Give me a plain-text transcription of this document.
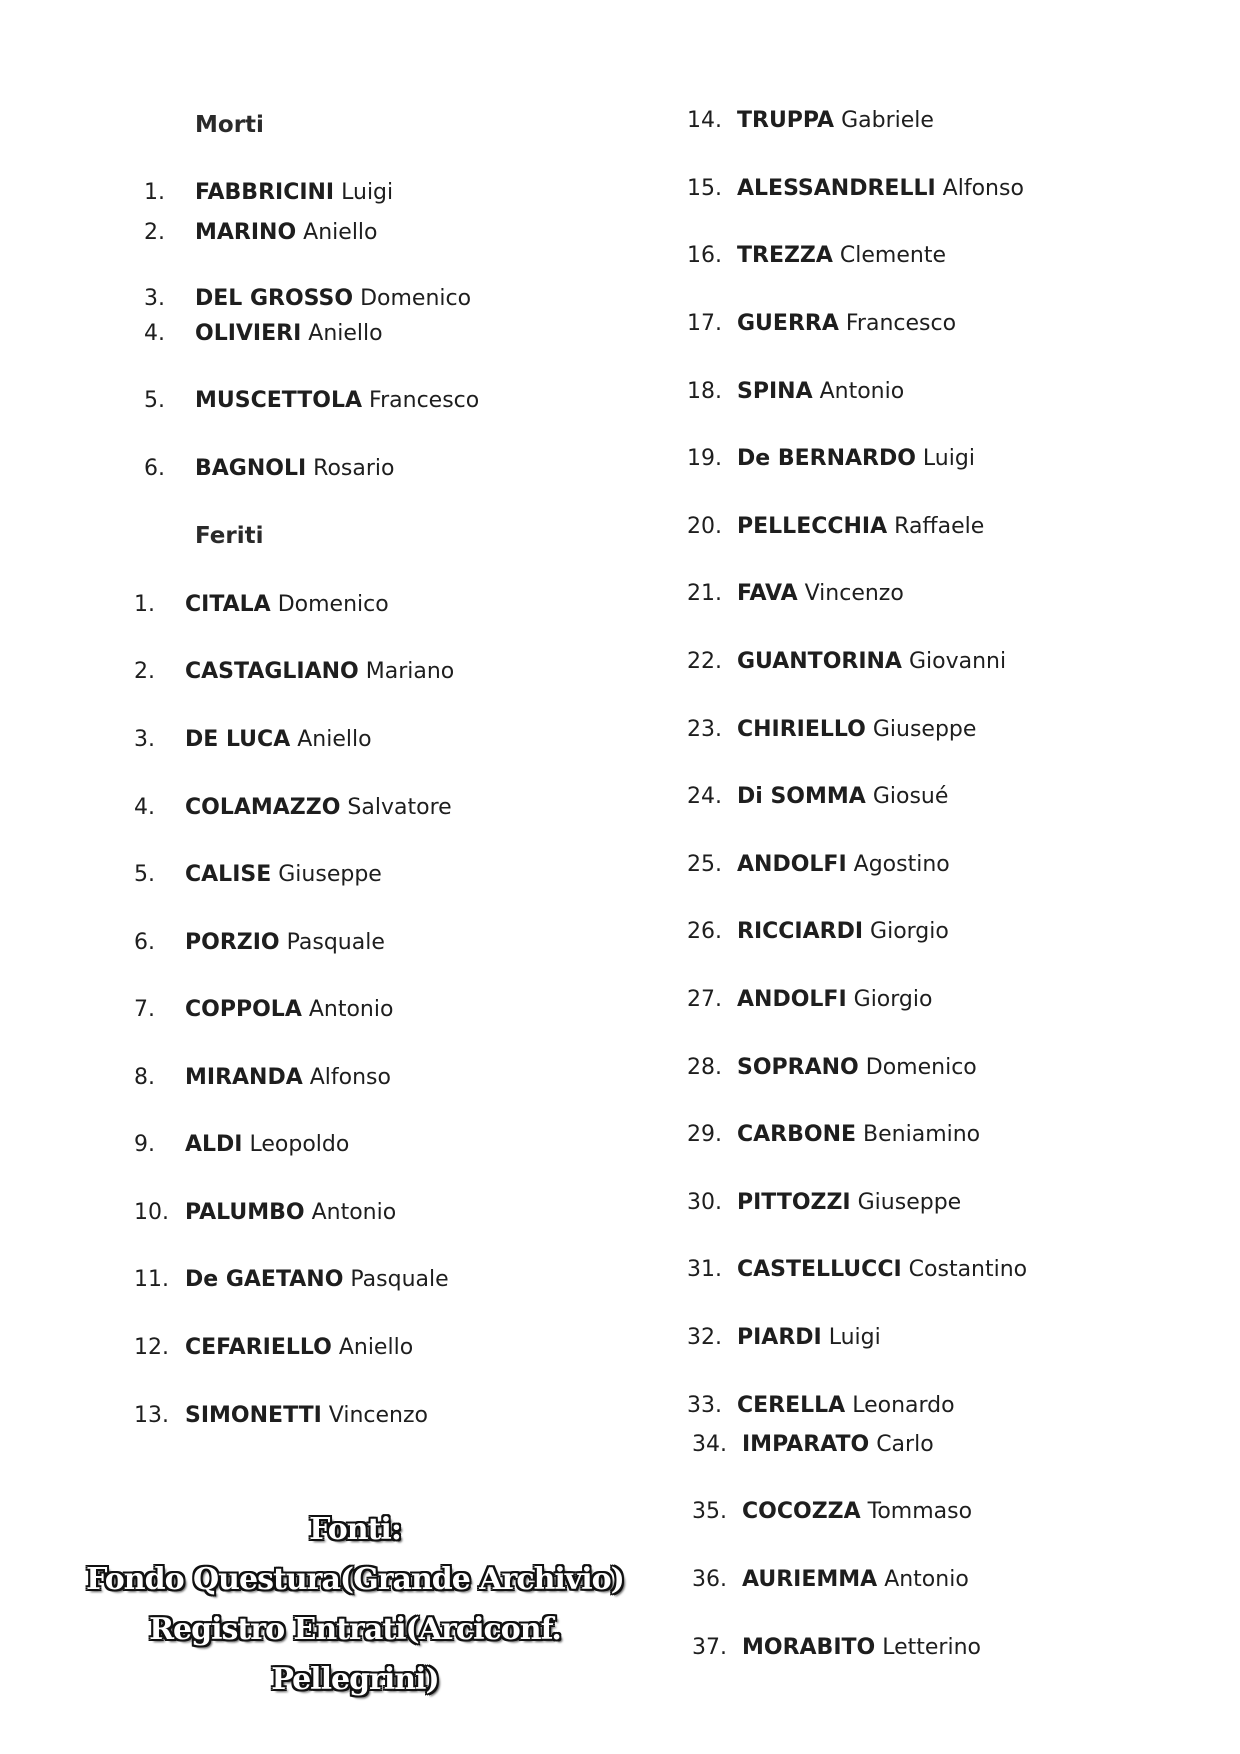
Morti
1. FABBRICINI Luigi
2. MARINO Aniello
3. DEL GROSSO Domenico
4. OLIVIERI Aniello
5. MUSCETTOLA Francesco
6. BAGNOLI Rosario
Feriti
1. CITALA Domenico
2. CASTAGLIANO Mariano
3. DE LUCA Aniello
4. COLAMAZZO Salvatore
5. CALISE Giuseppe
6. PORZIO Pasquale
7. COPPOLA Antonio
8. MIRANDA Alfonso
9. ALDI Leopoldo
10. PALUMBO Antonio
11. De GAETANO Pasquale
12. CEFARIELLO Aniello
13. SIMONETTI Vincenzo
14. TRUPPA Gabriele
15. ALESSANDRELLI Alfonso
16. TREZZA Clemente
17. GUERRA Francesco
18. SPINA Antonio
19. De BERNARDO Luigi
20. PELLECCHIA Raffaele
21. FAVA Vincenzo
22. GUANTORINA Giovanni
23. CHIRIELLO Giuseppe
24. Di SOMMA Giosué
25. ANDOLFI Agostino
26. RICCIARDI Giorgio
27. ANDOLFI Giorgio
28. SOPRANO Domenico
29. CARBONE Beniamino
30. PITTOZZI Giuseppe
31. CASTELLUCCI Costantino
32. PIARDI Luigi
33. CERELLA Leonardo
34. IMPARATO Carlo
35. COCOZZA Tommaso
36. AURIEMMA Antonio
37. MORABITO Letterino
Fonti:
Fondo Questura(Grande Archivio)
Registro Entrati(Arciconf. Pellegrini)
